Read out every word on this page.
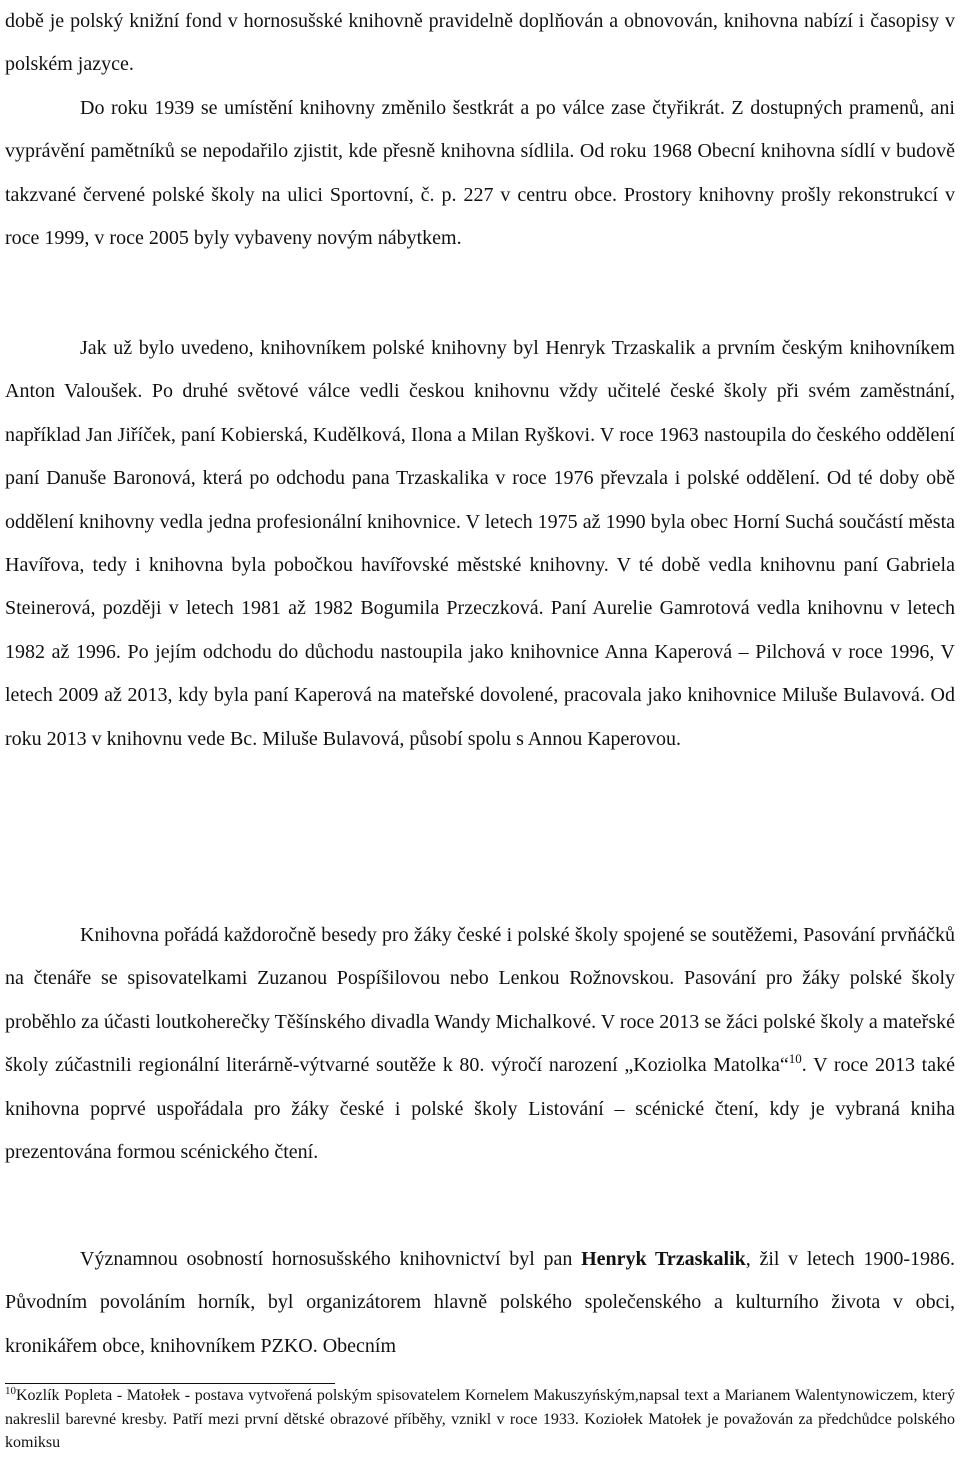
době je polský knižní fond v hornosušské knihovně pravidelně doplňován a obnovován, knihovna nabízí i časopisy v polském jazyce.

Do roku 1939 se umístění knihovny změnilo šestkrát a po válce zase čtyřikrát. Z dostupných pramenů, ani vyprávění pamětníků se nepodařilo zjistit, kde přesně knihovna sídlila. Od roku 1968 Obecní knihovna sídlí v budově takzvané červené polské školy na ulici Sportovní, č. p. 227 v centru obce. Prostory knihovny prošly rekonstrukcí v roce 1999, v roce 2005 byly vybaveny novým nábytkem.

Jak už bylo uvedeno, knihovníkem polské knihovny byl Henryk Trzaskalik a prvním českým knihovníkem Anton Valoušek. Po druhé světové válce vedli českou knihovnu vždy učitelé české školy při svém zaměstnání, například Jan Jiříček, paní Kobierská, Kudělková, Ilona a Milan Ryškovi. V roce 1963 nastoupila do českého oddělení paní Danuše Baronová, která po odchodu pana Trzaskalika v roce 1976 převzala i polské oddělení. Od té doby obě oddělení knihovny vedla jedna profesionální knihovnice. V letech 1975 až 1990 byla obec Horní Suchá součástí města Havířova, tedy i knihovna byla pobočkou havířovské městské knihovny. V té době vedla knihovnu paní Gabriela Steinerová, později v letech 1981 až 1982 Bogumila Przeczková. Paní Aurelie Gamrotová vedla knihovnu v letech 1982 až 1996. Po jejím odchodu do důchodu nastoupila jako knihovnice Anna Kaperová – Pilchová v roce 1996, V letech 2009 až 2013, kdy byla paní Kaperová na mateřské dovolené, pracovala jako knihovnice Miluše Bulavová. Od roku 2013 v knihovnu vede Bc. Miluše Bulavová, působí spolu s Annou Kaperovou.

Knihovna pořádá každoročně besedy pro žáky české i polské školy spojené se soutěžemi, Pasování prvňáčků na čtenáře se spisovatelkami Zuzanou Pospíšilovou nebo Lenkou Rožnovskou. Pasování pro žáky polské školy proběhlo za účasti loutkoherečky Těšínského divadla Wandy Michalkové. V roce 2013 se žáci polské školy a mateřské školy zúčastnili regionální literárně-výtvarné soutěže k 80. výročí narození „Koziolka Matolka“$^{10}$. V roce 2013 také knihovna poprvé uspořádala pro žáky české i polské školy Listování – scénické čtení, kdy je vybraná kniha prezentována formou scénického čtení.

Významnou osobností hornosušského knihovnictví byl pan Henryk Trzaskalik, žil v letech 1900-1986. Původním povoláním horník, byl organizátorem hlavně polského společenského a kulturního života v obci, kronikářem obce, knihovníkem PZKO. Obecním

$^{10}$Kozlík Popleta - Matołek - postava vytvořená polským spisovatelem Kornelem Makuszyńským,napsal text a Marianem Walentynowiczem, který nakreslil barevné kresby. Patří mezi první dětské obrazové příběhy, vznikl v roce 1933. Koziołek Matołek je považován za předchůdce polského komiksu
